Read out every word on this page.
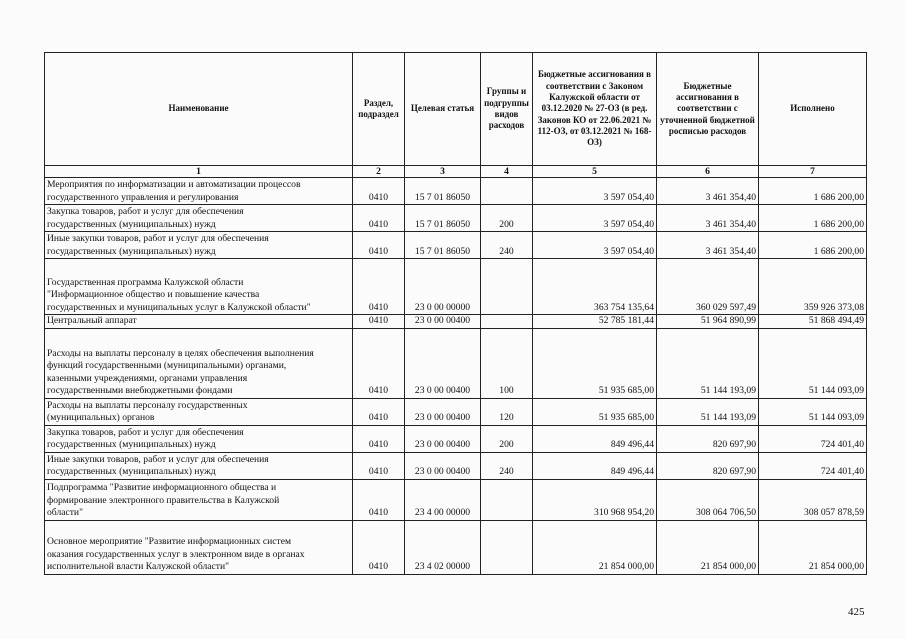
Наименование	Раздел, подраздел	Целевая статья	Группы и подгруппы видов расходов	Бюджетные ассигнования в соответствии с Законом Калужской области от 03.12.2020 № 27-ОЗ (в ред. Законов КО от 22.06.2021 № 112-ОЗ, от 03.12.2021 № 168-ОЗ)	Бюджетные ассигнования в соответствии с уточненной бюджетной росписью расходов	Исполнено
1	2	3	4	5	6	7
Мероприятия по информатизации и автоматизации процессов
государственного управления и регулирования	0410	15 7 01 86050		3 597 054,40	3 461 354,40	1 686 200,00
Закупка товаров, работ и услуг для обеспечения
государственных (муниципальных) нужд	0410	15 7 01 86050	200	3 597 054,40	3 461 354,40	1 686 200,00
Иные закупки товаров, работ и услуг для обеспечения
государственных (муниципальных) нужд	0410	15 7 01 86050	240	3 597 054,40	3 461 354,40	1 686 200,00
Государственная программа Калужской области
"Информационное общество и повышение качества
государственных и муниципальных услуг в Калужской области"	0410	23 0 00 00000		363 754 135,64	360 029 597,49	359 926 373,08
Центральный аппарат	0410	23 0 00 00400		52 785 181,44	51 964 890,99	51 868 494,49
Расходы на выплаты персоналу в целях обеспечения выполнения
функций государственными (муниципальными) органами,
казенными учреждениями, органами управления
государственными внебюджетными фондами	0410	23 0 00 00400	100	51 935 685,00	51 144 193,09	51 144 093,09
Расходы на выплаты персоналу государственных
(муниципальных) органов	0410	23 0 00 00400	120	51 935 685,00	51 144 193,09	51 144 093,09
Закупка товаров, работ и услуг для обеспечения
государственных (муниципальных) нужд	0410	23 0 00 00400	200	849 496,44	820 697,90	724 401,40
Иные закупки товаров, работ и услуг для обеспечения
государственных (муниципальных) нужд	0410	23 0 00 00400	240	849 496,44	820 697,90	724 401,40
Подпрограмма "Развитие информационного общества и
формирование электронного правительства в Калужской
области"	0410	23 4 00 00000		310 968 954,20	308 064 706,50	308 057 878,59
Основное мероприятие "Развитие информационных систем
оказания государственных услуг в электронном виде в органах
исполнительной власти Калужской области"	0410	23 4 02 00000		21 854 000,00	21 854 000,00	21 854 000,00
425
